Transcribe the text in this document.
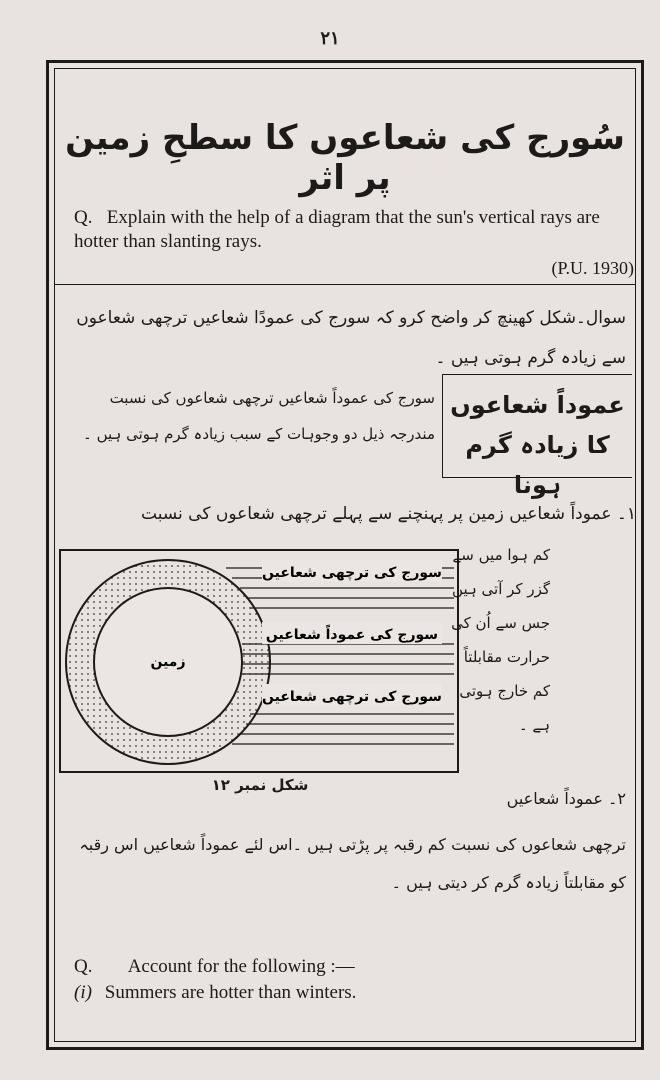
۲۱
سُورج کی شعاعوں کا سطحِ زمین پر اثر
Q. Explain with the help of a diagram that the sun's vertical rays are hotter than slanting rays.
(P.U. 1930)
سوال۔شکل کھینچ کر واضح کرو کہ سورج کی عمودًا شعاعیں ترچھی شعاعوں سے زیادہ گرم ہوتی ہیں ۔
عموداً شعاعوں کا زیادہ گرم ہونا
سورج کی عموداً شعاعیں ترچھی شعاعوں کی نسبت مندرجہ ذیل دو وجوہات کے سبب زیادہ گرم ہوتی ہیں ۔
۱۔ عموداً شعاعیں زمین پر پہنچنے سے پہلے ترچھی شعاعوں کی نسبت
کم ہوا میں سے
گزر کر آتی ہیں
جس سے اُن کی
حرارت مقابلتاً
کم خارج ہوتی
ہے ۔
سورج کی ترچھی شعاعیں
سورج کی عموداً شعاعیں
سورج کی ترچھی شعاعیں
زمین
شکل نمبر ۱۲
۲۔ عموداً شعاعیں
ترچھی شعاعوں کی نسبت کم رقبہ پر پڑتی ہیں ۔اس لئے عموداً شعاعیں اس رقبہ کو مقابلتاً زیادہ گرم کر دیتی ہیں ۔
Q. Account for the following :—
(i) Summers are hotter than winters.
